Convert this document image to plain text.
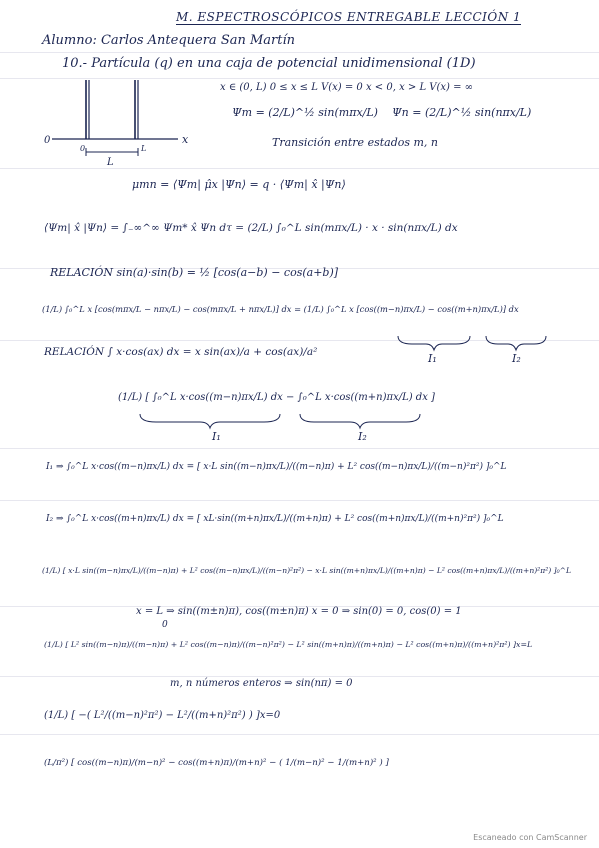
M. ESPECTROSCÓPICOS ENTREGABLE LECCIÓN 1
Alumno: Carlos Antequera San Martín
10.- Partícula (q) en una caja de potencial unidimensional (1D)
0	x
0	L
L
x ∈ (0, L) 0 ≤ x ≤ L V(x) = 0 x < 0, x > L V(x) = ∞
Ψm = (2/L)^½ sin(mπx/L) Ψn = (2/L)^½ sin(nπx/L)
Transición entre estados m, n
μmn = ⟨Ψm| μ̂x |Ψn⟩ = q · ⟨Ψm| x̂ |Ψn⟩
⟨Ψm| x̂ |Ψn⟩ = ∫₋∞^∞ Ψm* x̂ Ψn dτ = (2/L) ∫₀^L sin(mπx/L) · x · sin(nπx/L) dx
RELACIÓN sin(a)·sin(b) = ½ [cos(a−b) − cos(a+b)]
(1/L) ∫₀^L x [cos(mπx/L − nπx/L) − cos(mπx/L + nπx/L)] dx = (1/L) ∫₀^L x [cos((m−n)πx/L) − cos((m+n)πx/L)] dx
RELACIÓN ∫ x·cos(ax) dx = x sin(ax)/a + cos(ax)/a²	I₁	I₂
(1/L) [ ∫₀^L x·cos((m−n)πx/L) dx − ∫₀^L x·cos((m+n)πx/L) dx ]
I₁	I₂
I₁ ⇒ ∫₀^L x·cos((m−n)πx/L) dx = [ x·L sin((m−n)πx/L)/((m−n)π) + L² cos((m−n)πx/L)/((m−n)²π²) ]₀^L
I₂ ⇒ ∫₀^L x·cos((m+n)πx/L) dx = [ xL·sin((m+n)πx/L)/((m+n)π) + L² cos((m+n)πx/L)/((m+n)²π²) ]₀^L
(1/L) [ x·L sin((m−n)πx/L)/((m−n)π) + L² cos((m−n)πx/L)/((m−n)²π²) − x·L sin((m+n)πx/L)/((m+n)π) − L² cos((m+n)πx/L)/((m+n)²π²) ]₀^L
x = L ⇒ sin((m±n)π), cos((m±n)π) x = 0 ⇒ sin(0) = 0, cos(0) = 1
0
(1/L) [ L² sin((m−n)π)/((m−n)π) + L² cos((m−n)π)/((m−n)²π²) − L² sin((m+n)π)/((m+n)π) − L² cos((m+n)π)/((m+n)²π²) ]x=L
m, n números enteros ⇒ sin(nπ) = 0
(1/L) [ −( L²/((m−n)²π²) − L²/((m+n)²π²) ) ]x=0
(L/π²) [ cos((m−n)π)/(m−n)² − cos((m+n)π)/(m+n)² − ( 1/(m−n)² − 1/(m+n)² ) ]
Escaneado con CamScanner
